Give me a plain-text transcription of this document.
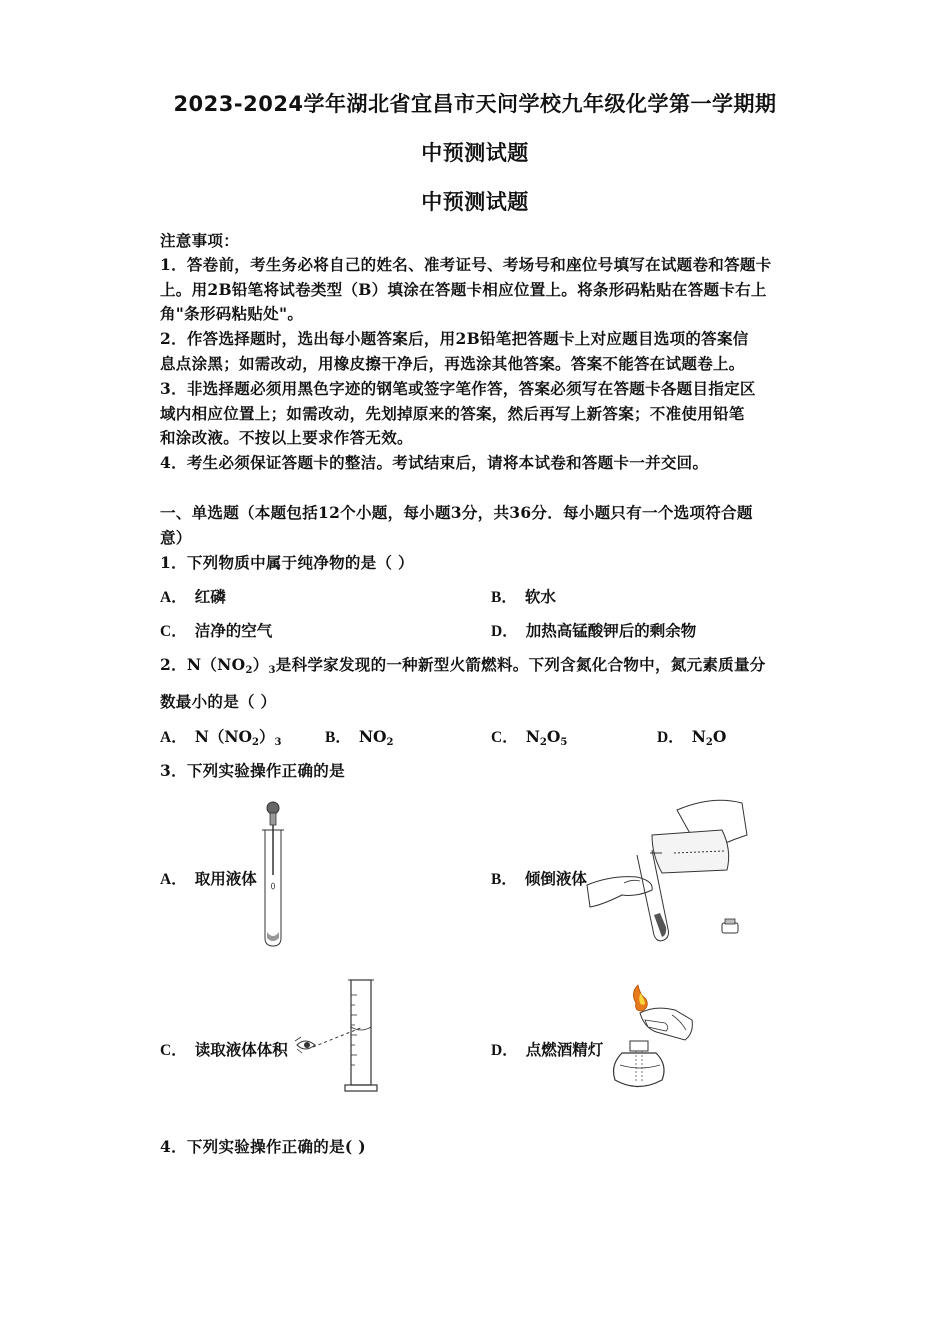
2023-2024学年湖北省宜昌市天问学校九年级化学第一学期期
中预测试题
中预测试题
注意事项：
1．答卷前，考生务必将自己的姓名、准考证号、考场号和座位号填写在试题卷和答题卡
上。用2B铅笔将试卷类型（B）填涂在答题卡相应位置上。将条形码粘贴在答题卡右上
角"条形码粘贴处"。
2．作答选择题时，选出每小题答案后，用2B铅笔把答题卡上对应题目选项的答案信
息点涂黑；如需改动，用橡皮擦干净后，再选涂其他答案。答案不能答在试题卷上。
3．非选择题必须用黑色字迹的钢笔或签字笔作答，答案必须写在答题卡各题目指定区
域内相应位置上；如需改动，先划掉原来的答案，然后再写上新答案；不准使用铅笔
和涂改液。不按以上要求作答无效。
4．考生必须保证答题卡的整洁。考试结束后，请将本试卷和答题卡一并交回。
一、单选题（本题包括12个小题，每小题3分，共36分．每小题只有一个选项符合题
意）
1．下列物质中属于纯净物的是（ ）
A． 红磷	B． 软水
C． 洁净的空气	D． 加热高锰酸钾后的剩余物
2．$N(NO_2)_3$是科学家发现的一种新型火箭燃料。下列含氮化合物中，氮元素质量分
数最小的是（ ）
A． $N(NO_2)_3$	B． $NO_2$	C． $N_2O_5$	D． $N_2O$
3．下列实验操作正确的是
A． 取用液体	B． 倾倒液体
C． 读取液体体积	D． 点燃酒精灯
4．下列实验操作正确的是( )
